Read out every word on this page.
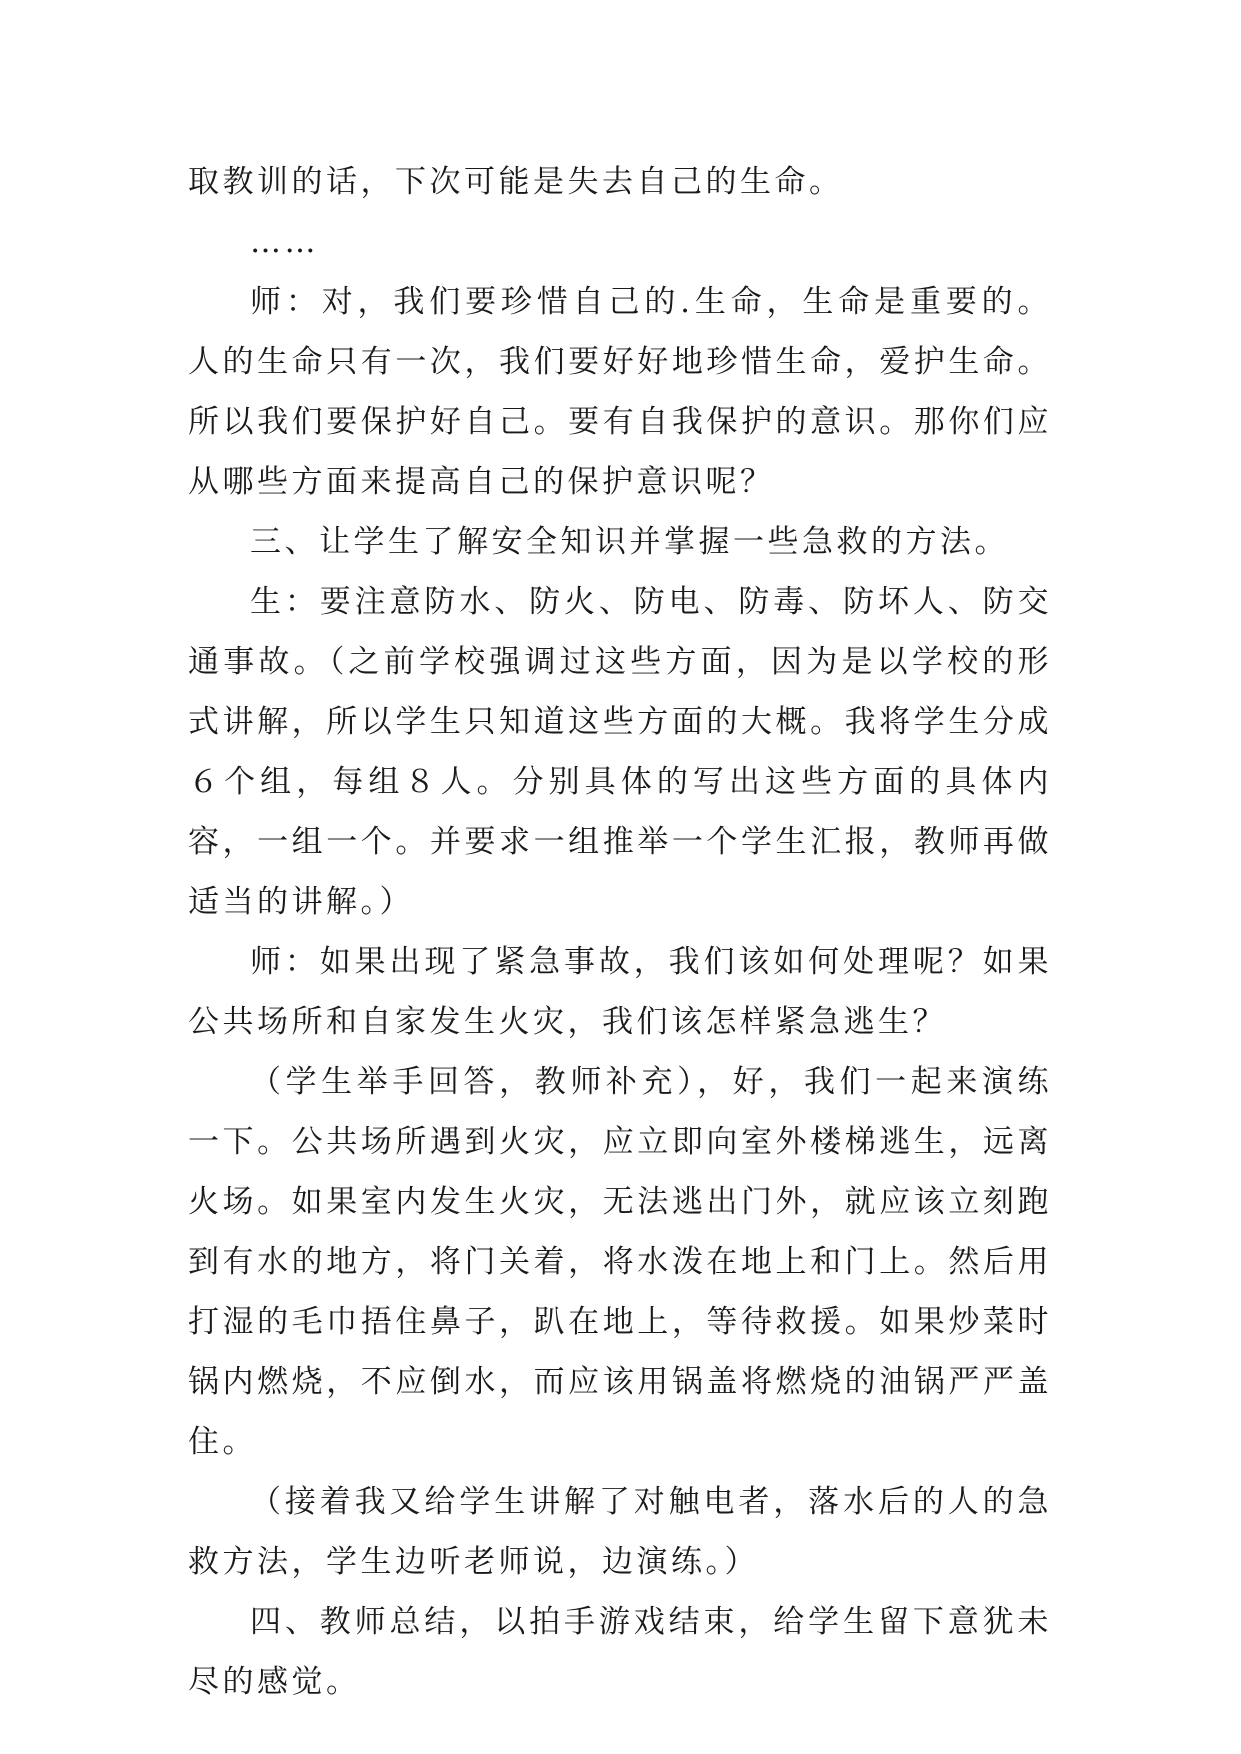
取教训的话，下次可能是失去自己的生命。

……

师：对，我们要珍惜自己的.生命，生命是重要的。人的生命只有一次，我们要好好地珍惜生命，爱护生命。所以我们要保护好自己。要有自我保护的意识。那你们应从哪些方面来提高自己的保护意识呢？

三、让学生了解安全知识并掌握一些急救的方法。

生：要注意防水、防火、防电、防毒、防坏人、防交通事故。（之前学校强调过这些方面，因为是以学校的形式讲解，所以学生只知道这些方面的大概。我将学生分成６个组，每组８人。分别具体的写出这些方面的具体内容，一组一个。并要求一组推举一个学生汇报，教师再做适当的讲解。）

师：如果出现了紧急事故，我们该如何处理呢？如果公共场所和自家发生火灾，我们该怎样紧急逃生？

（学生举手回答，教师补充），好，我们一起来演练一下。公共场所遇到火灾，应立即向室外楼梯逃生，远离火场。如果室内发生火灾，无法逃出门外，就应该立刻跑到有水的地方，将门关着，将水泼在地上和门上。然后用打湿的毛巾捂住鼻子，趴在地上，等待救援。如果炒菜时锅内燃烧，不应倒水，而应该用锅盖将燃烧的油锅严严盖住。

（接着我又给学生讲解了对触电者，落水后的人的急救方法，学生边听老师说，边演练。）

四、教师总结，以拍手游戏结束，给学生留下意犹未尽的感觉。
